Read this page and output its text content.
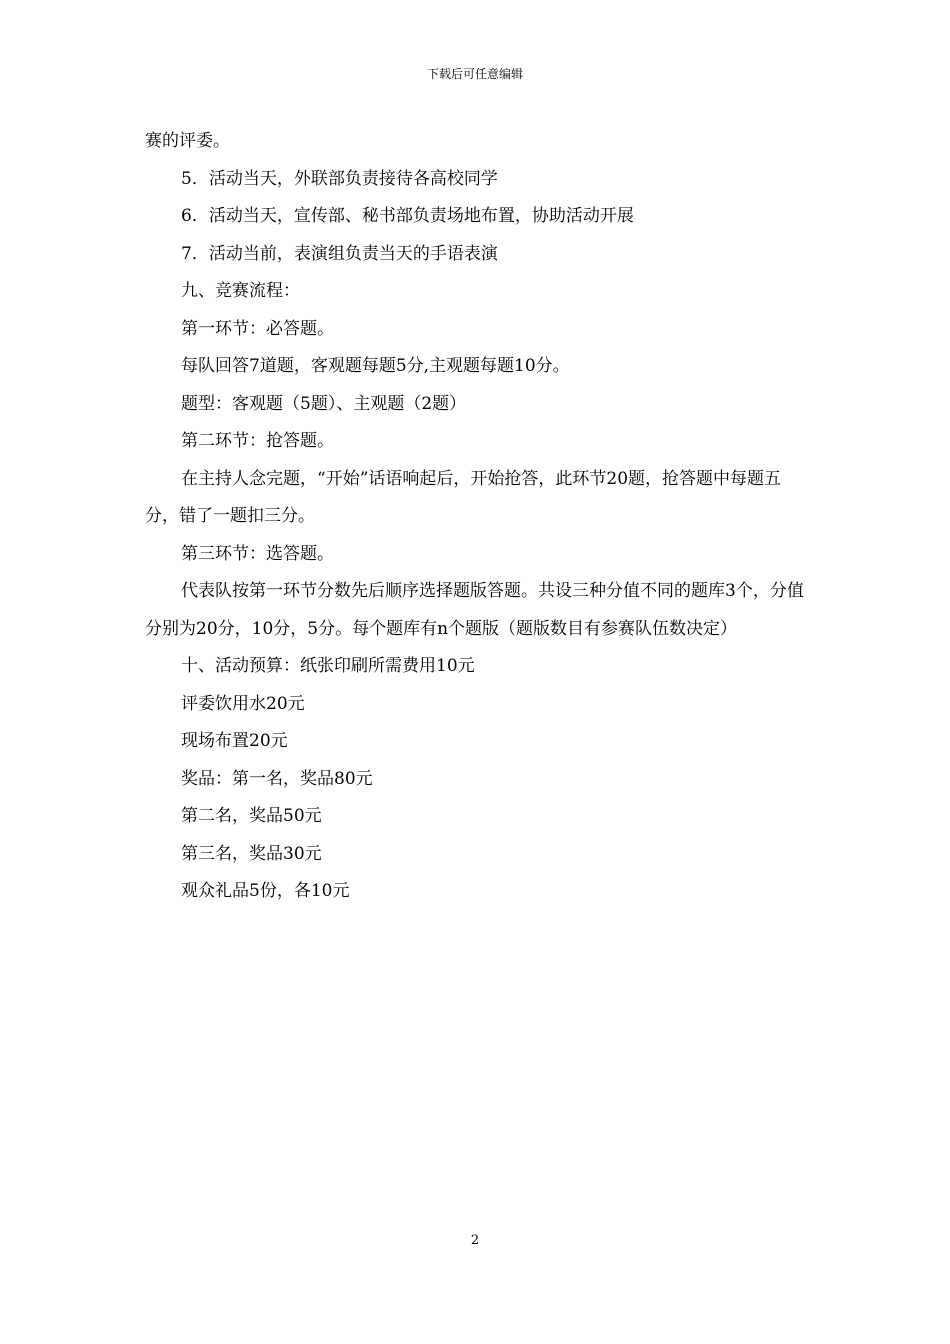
下载后可任意编辑

赛的评委。

5．活动当天，外联部负责接待各高校同学

6．活动当天，宣传部、秘书部负责场地布置，协助活动开展

7．活动当前，表演组负责当天的手语表演

九、竞赛流程：

第一环节：必答题。

每队回答7道题，客观题每题5分,主观题每题10分。

题型：客观题（5题）、主观题（2题）

第二环节：抢答题。

在主持人念完题，“开始”话语响起后，开始抢答，此环节20题，抢答题中每题五分，错了一题扣三分。

第三环节：选答题。

代表队按第一环节分数先后顺序选择题版答题。共设三种分值不同的题库3个，分值分别为20分，10分，5分。每个题库有n个题版（题版数目有参赛队伍数决定）

十、活动预算：纸张印刷所需费用10元

评委饮用水20元

现场布置20元

奖品：第一名，奖品80元

第二名，奖品50元

第三名，奖品30元

观众礼品5份，各10元

2
